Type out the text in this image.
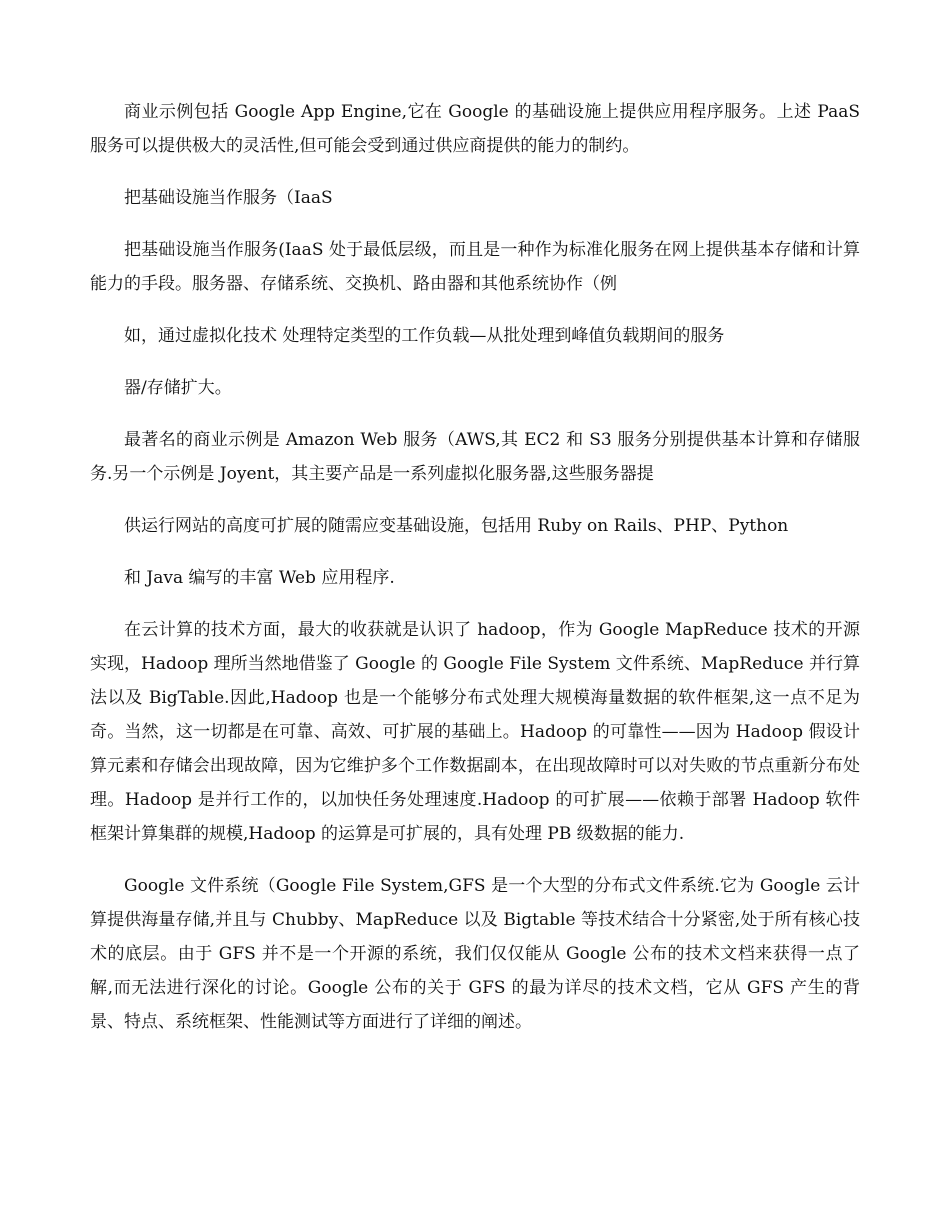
商业示例包括 Google App Engine,它在 Google 的基础设施上提供应用程序服务。上述 PaaS 服务可以提供极大的灵活性,但可能会受到通过供应商提供的能力的制约。

把基础设施当作服务（IaaS

把基础设施当作服务(IaaS 处于最低层级，而且是一种作为标准化服务在网上提供基本存储和计算能力的手段。服务器、存储系统、交换机、路由器和其他系统协作（例

如，通过虚拟化技术 处理特定类型的工作负载—从批处理到峰值负载期间的服务

器/存储扩大。

最著名的商业示例是 Amazon Web 服务（AWS,其 EC2 和 S3 服务分别提供基本计算和存储服务.另一个示例是 Joyent，其主要产品是一系列虚拟化服务器,这些服务器提

供运行网站的高度可扩展的随需应变基础设施，包括用 Ruby on Rails、PHP、Python

和 Java 编写的丰富 Web 应用程序.

在云计算的技术方面，最大的收获就是认识了 hadoop，作为 Google MapReduce 技术的开源实现，Hadoop 理所当然地借鉴了 Google 的 Google File System 文件系统、MapReduce 并行算法以及 BigTable.因此,Hadoop 也是一个能够分布式处理大规模海量数据的软件框架,这一点不足为奇。当然，这一切都是在可靠、高效、可扩展的基础上。Hadoop 的可靠性——因为 Hadoop 假设计算元素和存储会出现故障，因为它维护多个工作数据副本，在出现故障时可以对失败的节点重新分布处理。Hadoop 是并行工作的，以加快任务处理速度.Hadoop 的可扩展——依赖于部署 Hadoop 软件框架计算集群的规模,Hadoop 的运算是可扩展的，具有处理 PB 级数据的能力.

Google 文件系统（Google File System,GFS 是一个大型的分布式文件系统.它为 Google 云计算提供海量存储,并且与 Chubby、MapReduce 以及 Bigtable 等技术结合十分紧密,处于所有核心技术的底层。由于 GFS 并不是一个开源的系统，我们仅仅能从 Google 公布的技术文档来获得一点了解,而无法进行深化的讨论。Google 公布的关于 GFS 的最为详尽的技术文档，它从 GFS 产生的背景、特点、系统框架、性能测试等方面进行了详细的阐述。
